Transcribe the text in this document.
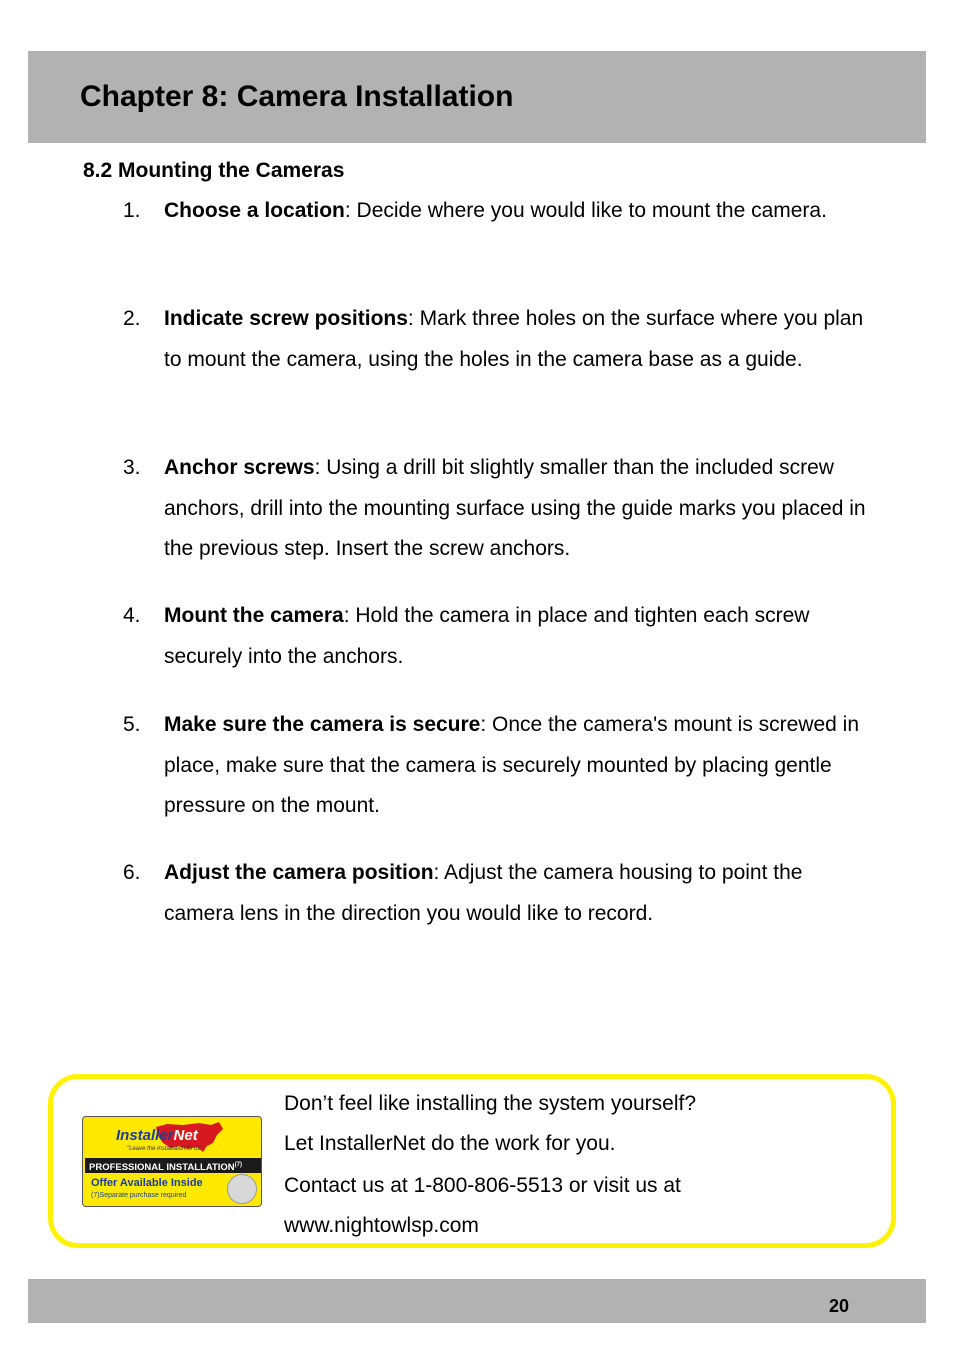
Chapter 8: Camera Installation
8.2 Mounting the Cameras
1. Choose a location: Decide where you would like to mount the camera.
2. Indicate screw positions: Mark three holes on the surface where you plan to mount the camera, using the holes in the camera base as a guide.
3. Anchor screws: Using a drill bit slightly smaller than the included screw anchors, drill into the mounting surface using the guide marks you placed in the previous step. Insert the screw anchors.
4. Mount the camera: Hold the camera in place and tighten each screw securely into the anchors.
5. Make sure the camera is secure: Once the camera's mount is screwed in place, make sure that the camera is securely mounted by placing gentle pressure on the mount.
6. Adjust the camera position: Adjust the camera housing to point the camera lens in the direction you would like to record.
InstallerNet
"Leave the installation to us"
PROFESSIONAL INSTALLATION$^{(7)}$
Offer Available Inside
(7)Separate purchase required

Don’t feel like installing the system yourself?

Let InstallerNet do the work for you.

Contact us at 1-800-806-5513 or visit us at

www.nightowlsp.com

20
